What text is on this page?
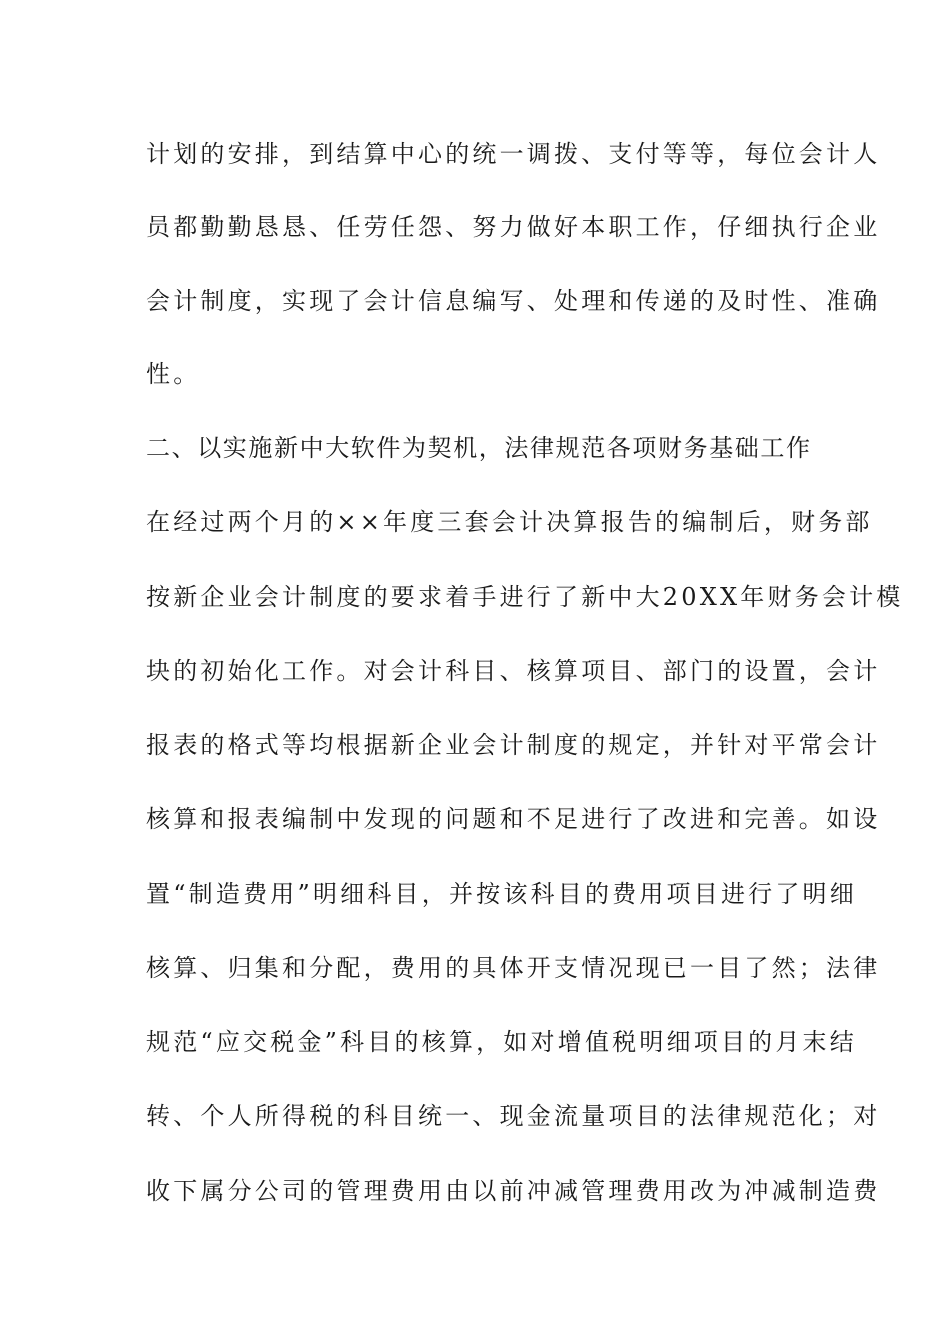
计划的安排，到结算中心的统一调拨、支付等等，每位会计人
员都勤勤恳恳、任劳任怨、努力做好本职工作，仔细执行企业
会计制度，实现了会计信息编写、处理和传递的及时性、准确
性。
二、以实施新中大软件为契机，法律规范各项财务基础工作
在经过两个月的××年度三套会计决算报告的编制后，财务部
按新企业会计制度的要求着手进行了新中大20XX年财务会计模
块的初始化工作。对会计科目、核算项目、部门的设置，会计
报表的格式等均根据新企业会计制度的规定，并针对平常会计
核算和报表编制中发现的问题和不足进行了改进和完善。如设
置“制造费用”明细科目，并按该科目的费用项目进行了明细
核算、归集和分配，费用的具体开支情况现已一目了然；法律
规范“应交税金”科目的核算，如对增值税明细项目的月末结
转、个人所得税的科目统一、现金流量项目的法律规范化；对
收下属分公司的管理费用由以前冲减管理费用改为冲减制造费
